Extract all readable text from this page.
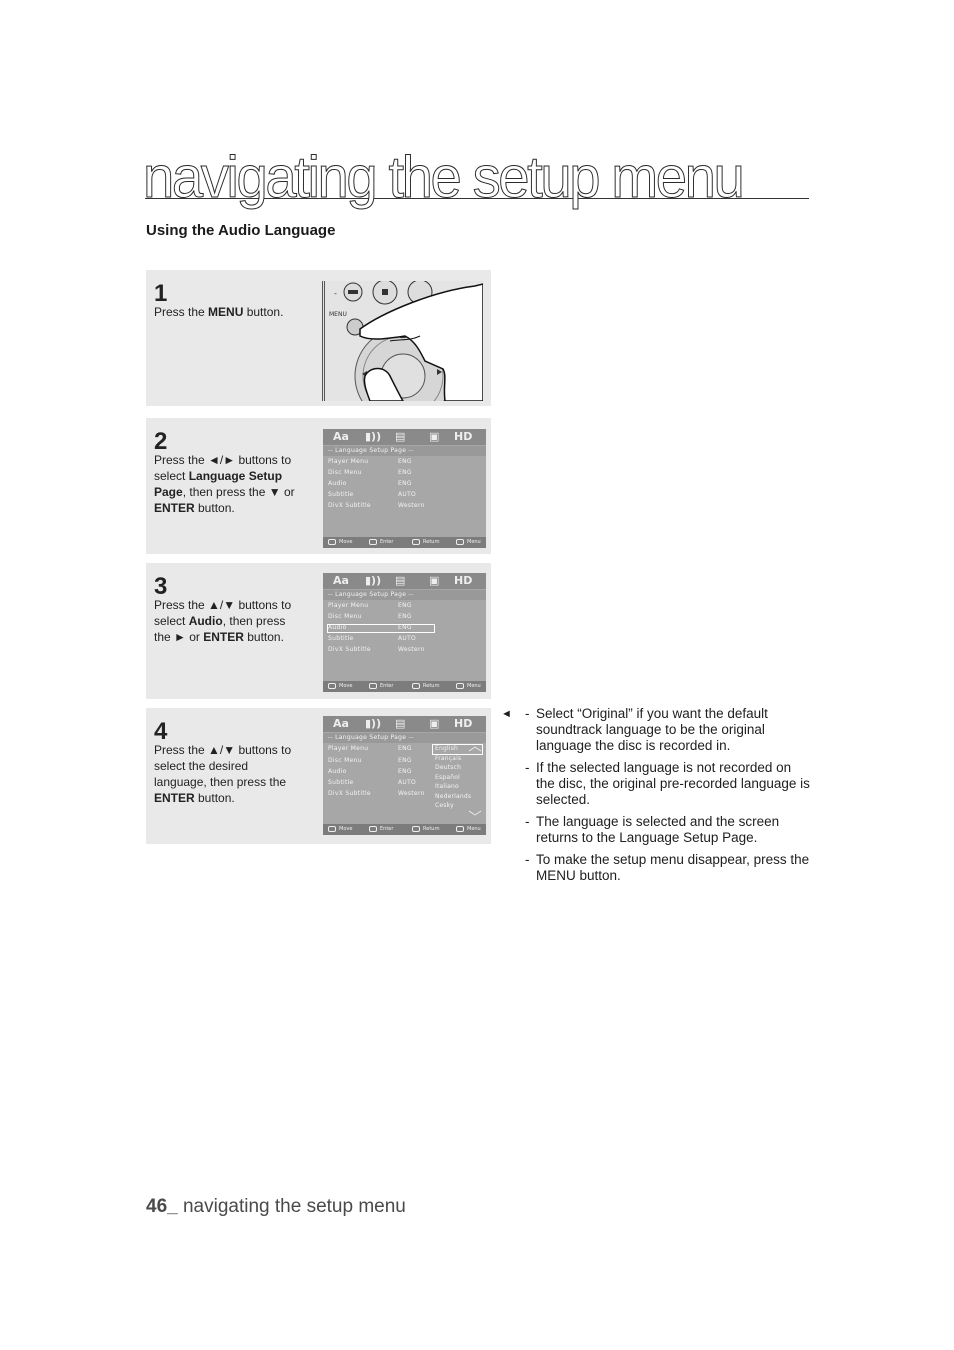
navigating the setup menu
Using the Audio Language
1
Press the MENU button.
-
MENU
2
Press the ◄/► buttons to select Language Setup Page, then press the ▼ or ENTER button.
Aa ▮)) ▤ ▣ HD
-- Language Setup Page --
Player Menu	ENG
Disc Menu	ENG
Audio	ENG
Subtitle	AUTO
DivX Subtitle	Western
Move	Enter	Return	Menu
3
Press the ▲/▼ buttons to select Audio, then press the ► or ENTER button.
Aa ▮)) ▤ ▣ HD
-- Language Setup Page --
Player Menu	ENG
Disc Menu	ENG
Audio	ENG
Subtitle	AUTO
DivX Subtitle	Western
Move	Enter	Return	Menu
4
Press the ▲/▼ buttons to select the desired language, then press the ENTER button.
Aa ▮)) ▤ ▣ HD
-- Language Setup Page --
Player Menu	ENG
Disc Menu	ENG
Audio	ENG
Subtitle	AUTO
DivX Subtitle	Western
English
Français
Deutsch
Español
Italiano
Nederlands
Cesky
Move	Enter	Return	Menu
◄ - Select “Original” if you want the default soundtrack language to be the original language the disc is recorded in.
- If the selected language is not recorded on the disc, the original pre-recorded language is selected.
- The language is selected and the screen returns to the Language Setup Page.
- To make the setup menu disappear, press the MENU button.
46_ navigating the setup menu
